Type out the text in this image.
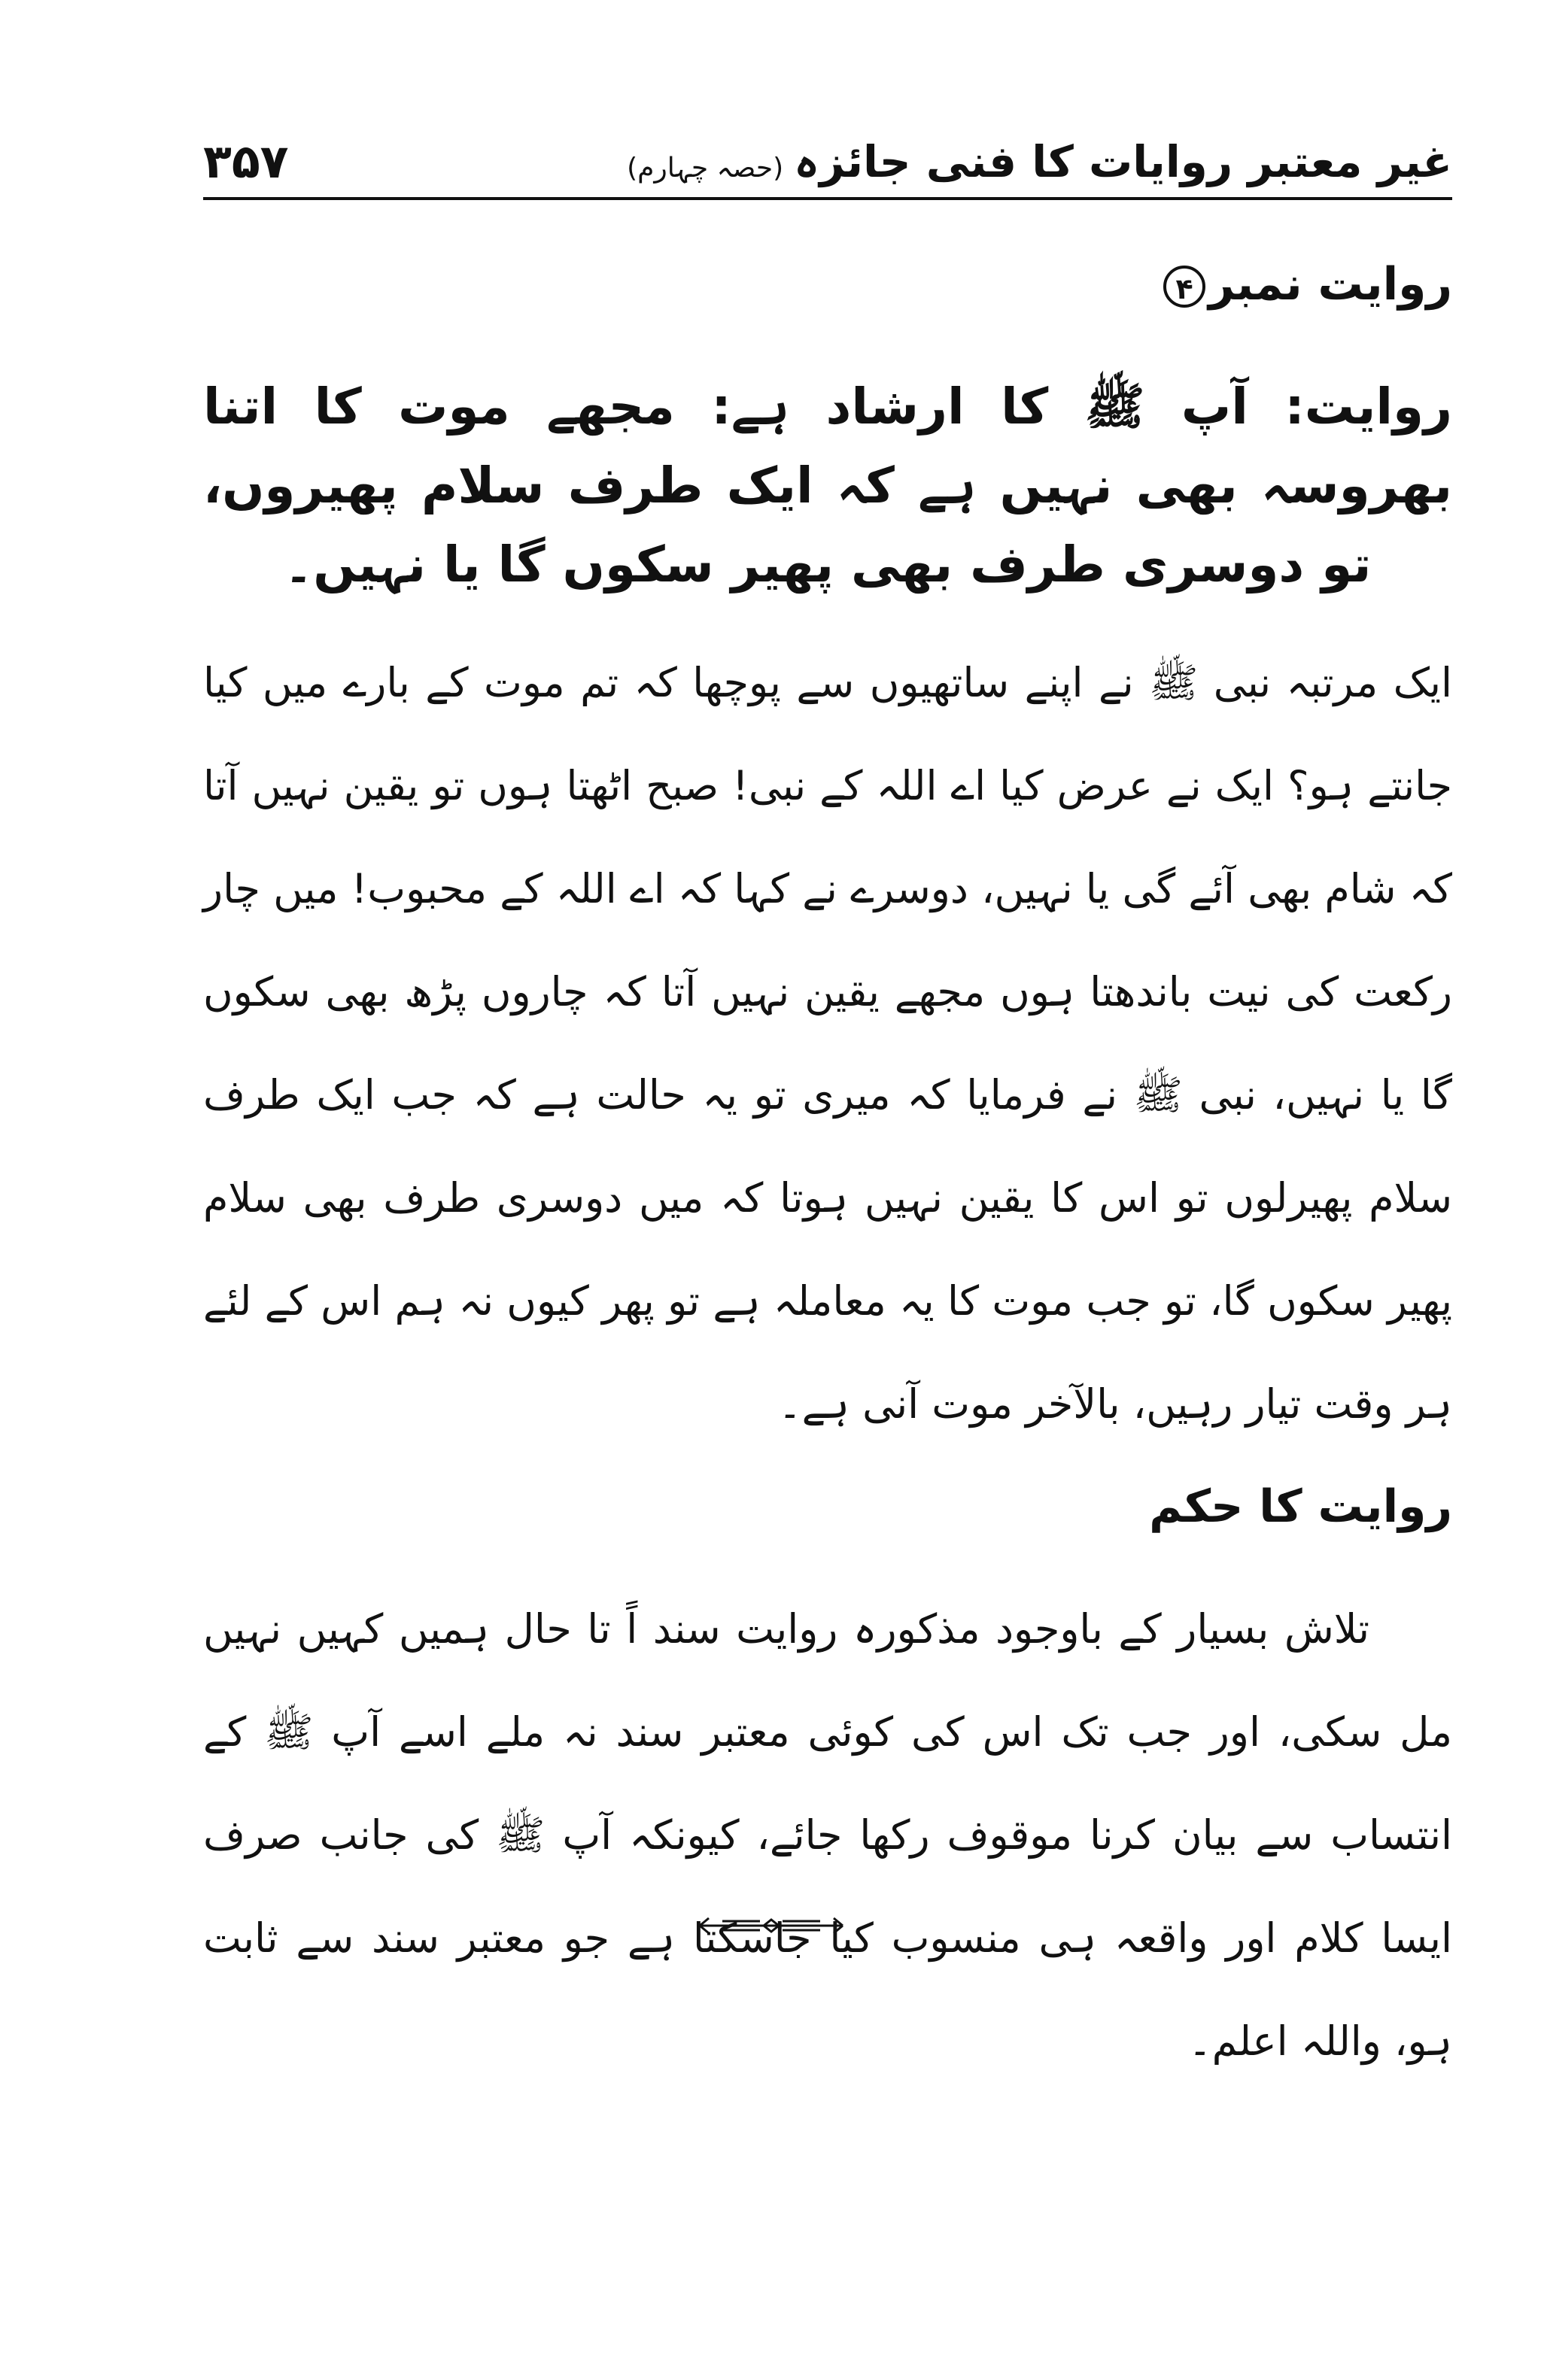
۳۵۷	غیر معتبر روایات کا فنی جائزہ(حصہ چہارم)
روایت نمبر۴

روایت: آپ ﷺ کا ارشاد ہے: مجھے موت کا اتنا بھروسہ بھی نہیں ہے کہ ایک طرف سلام پھیروں، تو دوسری طرف بھی پھیر سکوں گا یا نہیں۔

ایک مرتبہ نبی ﷺ نے اپنے ساتھیوں سے پوچھا کہ تم موت کے بارے میں کیا جانتے ہو؟ ایک نے عرض کیا اے اللہ کے نبی! صبح اٹھتا ہوں تو یقین نہیں آتا کہ شام بھی آئے گی یا نہیں، دوسرے نے کہا کہ اے اللہ کے محبوب! میں چار رکعت کی نیت باندھتا ہوں مجھے یقین نہیں آتا کہ چاروں پڑھ بھی سکوں گا یا نہیں، نبی ﷺ نے فرمایا کہ میری تو یہ حالت ہے کہ جب ایک طرف سلام پھیرلوں تو اس کا یقین نہیں ہوتا کہ میں دوسری طرف بھی سلام پھیر سکوں گا، تو جب موت کا یہ معاملہ ہے تو پھر کیوں نہ ہم اس کے لئے ہر وقت تیار رہیں، بالآخر موت آنی ہے۔

روایت کا حکم

تلاش بسیار کے باوجود مذکورہ روایت سند اً تا حال ہمیں کہیں نہیں مل سکی، اور جب تک اس کی کوئی معتبر سند نہ ملے اسے آپ ﷺ کے انتساب سے بیان کرنا موقوف رکھا جائے، کیونکہ آپ ﷺ کی جانب صرف ایسا کلام اور واقعہ ہی منسوب کیا جاسکتا ہے جو معتبر سند سے ثابت ہو، واللہ اعلم۔
